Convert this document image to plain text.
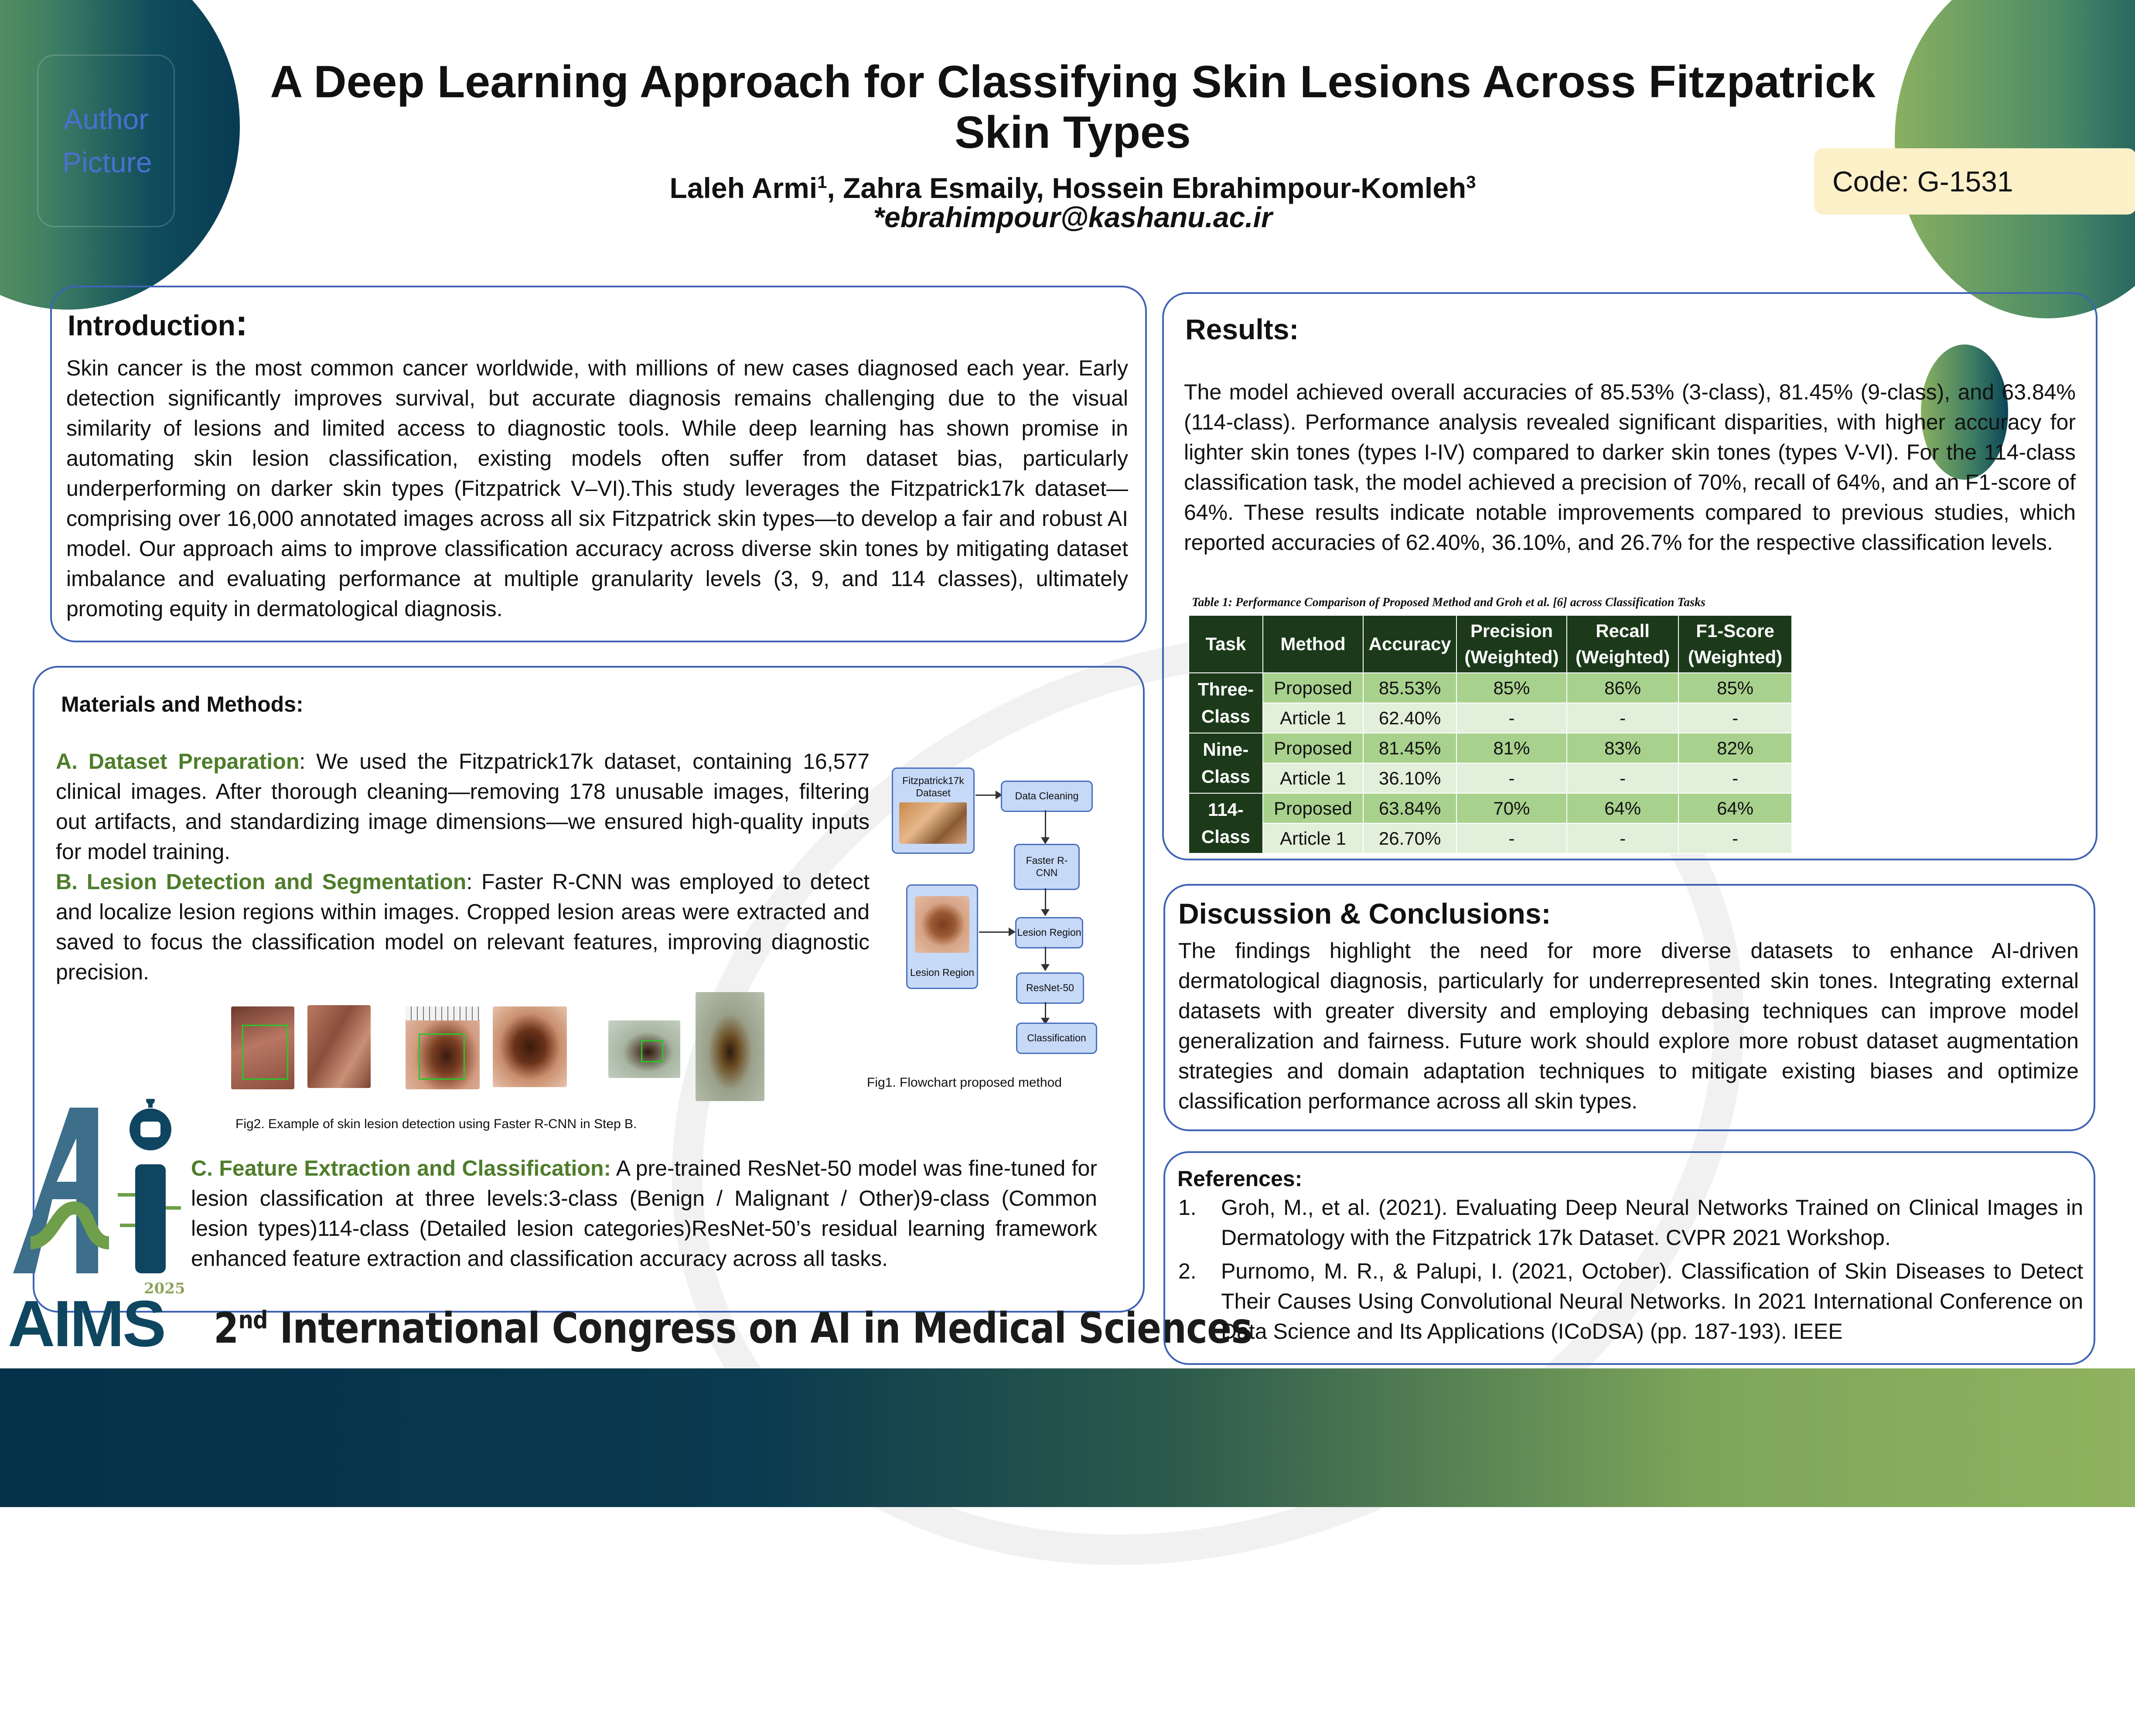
Author Picture
A Deep Learning Approach for Classifying Skin Lesions Across Fitzpatrick Skin Types
Laleh Armi$^1$, Zahra Esmaily, Hossein Ebrahimpour-Komleh$^3$
*ebrahimpour@kashanu.ac.ir
Code: G-1531
Introduction:
Skin cancer is the most common cancer worldwide, with millions of new cases diagnosed each year. Early detection significantly improves survival, but accurate diagnosis remains challenging due to the visual similarity of lesions and limited access to diagnostic tools. While deep learning has shown promise in automating skin lesion classification, existing models often suffer from dataset bias, particularly underperforming on darker skin types (Fitzpatrick V–VI).This study leverages the Fitzpatrick17k dataset—comprising over 16,000 annotated images across all six Fitzpatrick skin types—to develop a fair and robust AI model. Our approach aims to improve classification accuracy across diverse skin tones by mitigating dataset imbalance and evaluating performance at multiple granularity levels (3, 9, and 114 classes), ultimately promoting equity in dermatological diagnosis.
Materials and Methods:
A. Dataset Preparation: We used the Fitzpatrick17k dataset, containing 16,577 clinical images. After thorough cleaning—removing 178 unusable images, filtering out artifacts, and standardizing image dimensions—we ensured high-quality inputs for model training.
B. Lesion Detection and Segmentation: Faster R-CNN was employed to detect and localize lesion regions within images. Cropped lesion areas were extracted and saved to focus the classification model on relevant features, improving diagnostic precision.
Fitzpatrick17k Dataset	Data Cleaning
Faster R-CNN
Lesion Region
Lesion Region
ResNet-50
Classification
Fig1. Flowchart proposed method
Fig2. Example of skin lesion detection using Faster R-CNN in Step B.
2025
AIMS
C. Feature Extraction and Classification: A pre-trained ResNet-50 model was fine-tuned for lesion classification at three levels:3-class (Benign / Malignant / Other)9-class (Common lesion types)114-class (Detailed lesion categories)ResNet-50’s residual learning framework enhanced feature extraction and classification accuracy across all tasks.
2nd International Congress on AI in Medical Sciences
Results:
The model achieved overall accuracies of 85.53% (3-class), 81.45% (9-class), and 63.84% (114-class). Performance analysis revealed significant disparities, with higher accuracy for lighter skin tones (types I-IV) compared to darker skin tones (types V-VI). For the 114-class classification task, the model achieved a precision of 70%, recall of 64%, and an F1-score of 64%. These results indicate notable improvements compared to previous studies, which reported accuracies of 62.40%, 36.10%, and 26.7% for the respective classification levels.
Table 1: Performance Comparison of Proposed Method and Groh et al. [6] across Classification Tasks
Task	Method	Accuracy	Precision (Weighted)	Recall (Weighted)	F1-Score (Weighted)
Three-Class	Proposed	85.53%	85%	86%	85%
	Article 1	62.40%	-	-	-
Nine-Class	Proposed	81.45%	81%	83%	82%
	Article 1	36.10%	-	-	-
114-Class	Proposed	63.84%	70%	64%	64%
	Article 1	26.70%	-	-	-
Discussion & Conclusions:
The findings highlight the need for more diverse datasets to enhance AI-driven dermatological diagnosis, particularly for underrepresented skin tones. Integrating external datasets with greater diversity and employing debasing techniques can improve model generalization and fairness. Future work should explore more robust dataset augmentation strategies and domain adaptation techniques to mitigate existing biases and optimize classification performance across all skin types.
References:
1. Groh, M., et al. (2021). Evaluating Deep Neural Networks Trained on Clinical Images in Dermatology with the Fitzpatrick 17k Dataset. CVPR 2021 Workshop.
2. Purnomo, M. R., & Palupi, I. (2021, October). Classification of Skin Diseases to Detect Their Causes Using Convolutional Neural Networks. In 2021 International Conference on Data Science and Its Applications (ICoDSA) (pp. 187-193). IEEE
